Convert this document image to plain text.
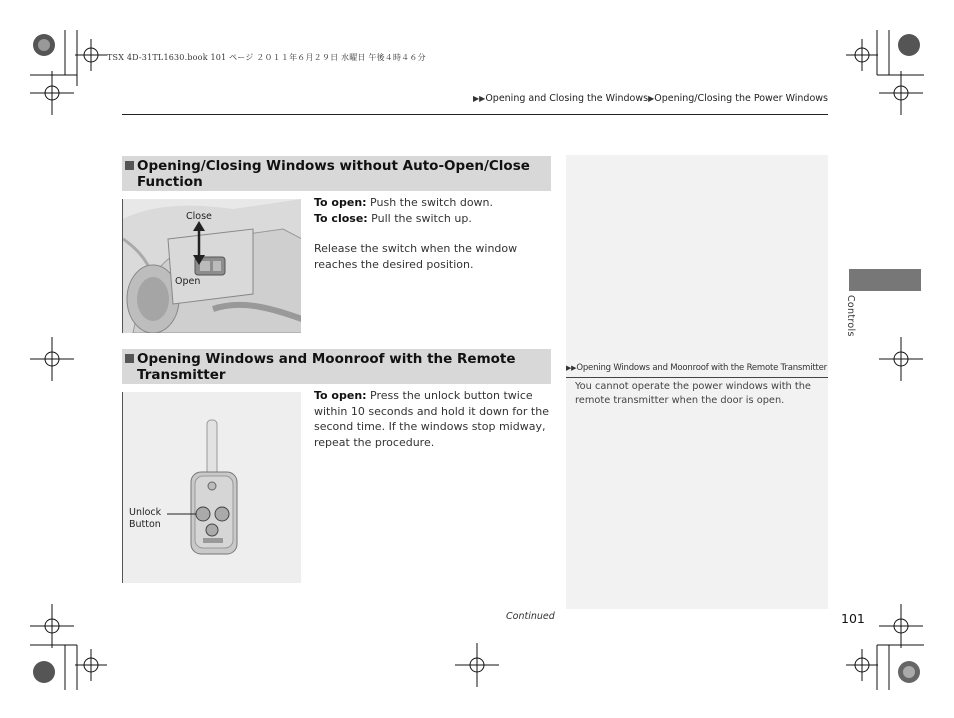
TSX 4D-31TL1630.book 101 ページ ２０１１年６月２９日 水曜日 午後４時４６分
▶▶Opening and Closing the Windows▶Opening/Closing the Power Windows
▶▶Opening Windows and Moonroof with the Remote Transmitter
You cannot operate the power windows with the remote transmitter when the door is open.
Opening/Closing Windows without Auto-Open/Close Function
Close
Open
To open: Push the switch down.
To close: Pull the switch up.
Release the switch when the window reaches the desired position.
Opening Windows and Moonroof with the Remote Transmitter
Unlock
Button
To open: Press the unlock button twice within 10 seconds and hold it down for the second time. If the windows stop midway, repeat the procedure.
Continued	101
Controls
